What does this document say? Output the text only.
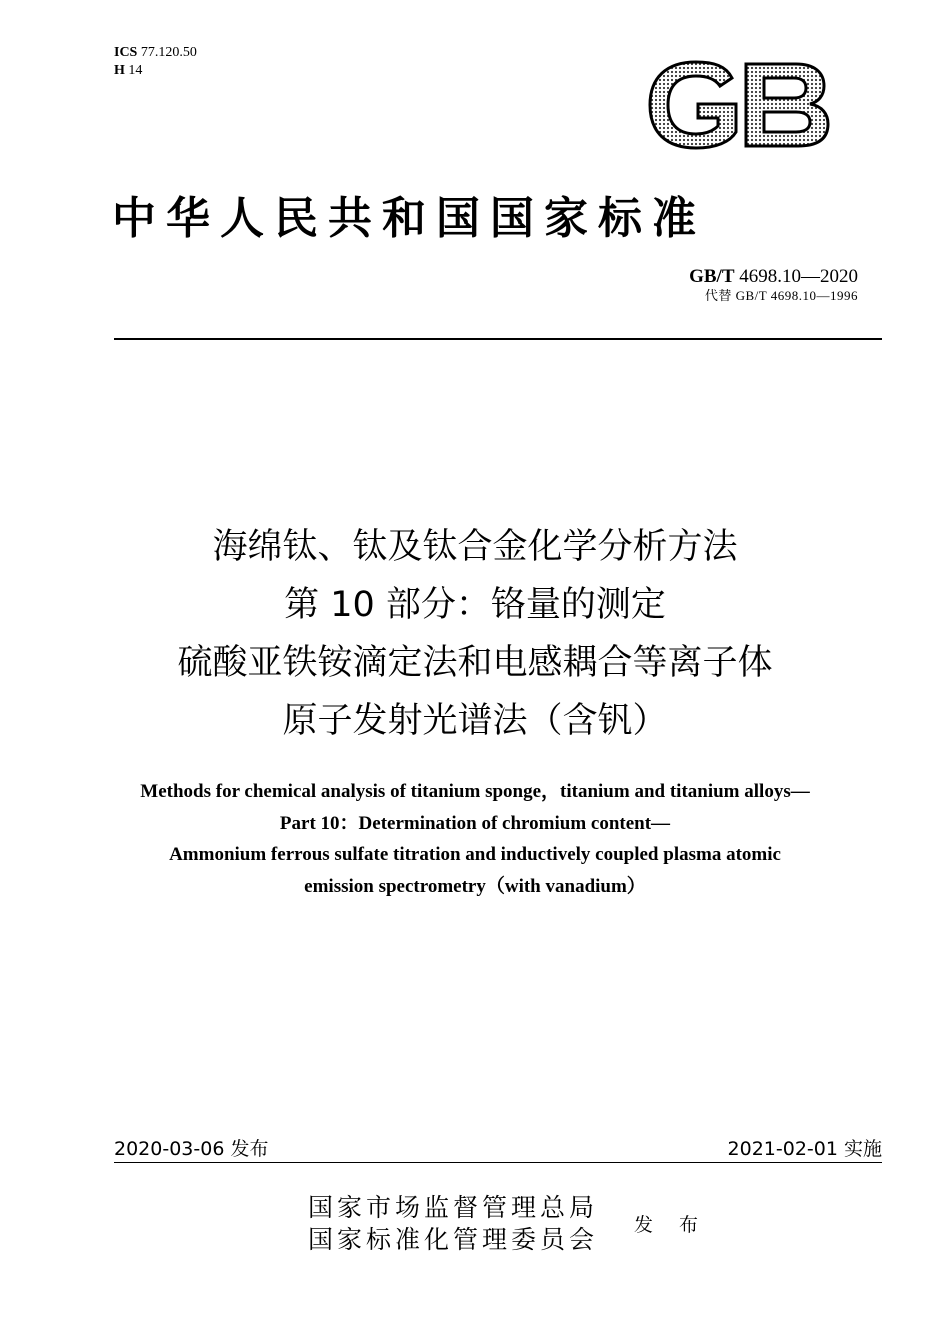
ICS 77.120.50
H 14
中华人民共和国国家标准
GB/T 4698.10—2020
代替 GB/T 4698.10—1996
海绵钛、钛及钛合金化学分析方法
第 10 部分：铬量的测定
硫酸亚铁铵滴定法和电感耦合等离子体
原子发射光谱法（含钒）
Methods for chemical analysis of titanium sponge，titanium and titanium alloys—
Part 10：Determination of chromium content—
Ammonium ferrous sulfate titration and inductively coupled plasma atomic
emission spectrometry（with vanadium）
2020-03-06 发布	2021-02-01 实施
国家市场监督管理总局
国家标准化管理委员会 发 布
